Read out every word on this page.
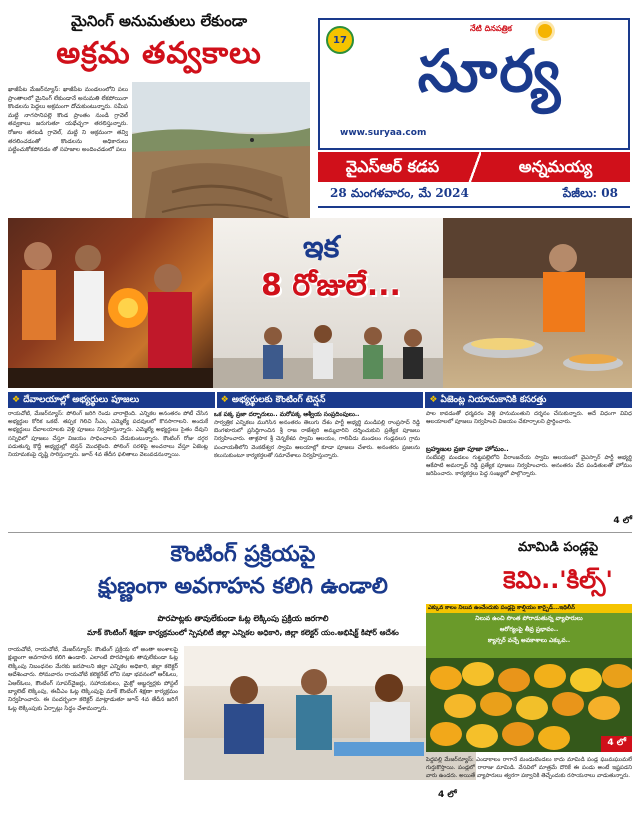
మైనింగ్ అనుమతులు లేకుండా
అక్రమ తవ్వకాలు
ఖాజీపేట మేజర్‌న్యూస్‌: ఖాజీపేట మండలంలోని పలు ప్రాంతాలలో మైనింగ్ లేకుండానే అనుమతి లేకపోయినా కొండలను పెద్దలు అక్రమంగా దోచుకుంటున్నారు. సమీప మట్టి నాగసానిపల్లె కొండ ప్రాంతం నుండి గ్రావెల్ తవ్వకాలు జరుగుతూ యథేచ్ఛగా తరలిస్తున్నారు. రోజుల తరబడి గ్రావెల్, మట్టి ని అక్రమంగా తవ్వి తరలించడంతో కొండలను అధికారులు పట్టించుకోకపోవడం తో సహజాల అందించడంలో పలు
17
నేటి దినపత్రిక
సూర్య
www.suryaa.com
వైఎస్ఆర్ కడప	అన్నమయ్య
28 మంగళవారం, మే 2024	పేజీలు: 08
ఇక
8 రోజులే...
❖ దేవాలయాల్లో అభ్యర్థులు పూజలు	❖ అభ్యర్థులకు కౌంటింగ్ టెన్షన్	❖ ఏజెంట్ల నియామకానికి కసరత్తు
రాయచోటి, మేజర్‌న్యూస్‌: పోలింగ్ జరిగి రెండు వారాలైంది. ఎన్నికల అనంతరం పోటీ చేసిన అభ్యర్థుల కోరిక ఒకటే. తప్పక గెలిచి సీఎం, ఎమ్మెల్యే పదవులలో కొనసాగాలని. అందుకే అభ్యర్థులు దేవాలయాలకు వెళ్లి పూజలు నిర్వహిస్తున్నారు. ఎమ్మెల్యే అభ్యర్థులు సైతం దేవుని సన్నిధిలో పూజలు చేస్తూ విజయం సాధించాలని వేడుకుంటున్నారు. కౌంటింగ్ రోజు దగ్గర పడుతున్న కొద్దీ అభ్యర్థుల్లో టెన్షన్ మొదలైంది. పోలింగ్ సరళిపై అంచనాలు వేస్తూ ఏజెంట్ల నియామకంపై దృష్టి సారిస్తున్నారు. జూన్ 4వ తేదీన ఫలితాలు వెలువడనున్నాయి.
ఒక పక్క ప్రజా దర్బారులు.. మరోపక్క ఆశ్వీయ సంప్రదింపులు..
సార్వత్రిక ఎన్నికలు ముగిసిన అనంతరం తెలుగు దేశం పార్టీ అభ్యర్థి మండిపల్లి రాంప్రసాద్ రెడ్డి బెంగళూరులో ప్రసిద్ధిగాంచిన శ్రీ రాజ రాజేశ్వరి అమ్మవారిని దర్శించుకుని ప్రత్యేక పూజలు నిర్వహించారు. తాళ్లపాక శ్రీ చెన్నకేశవ స్వామి ఆలయం, గాలివీడు మండలం గండ్లవలస గ్రామ పంచాయతీలోని వెంకటేశ్వర స్వామి ఆలయాల్లో కూడా పూజలు చేశారు. అనంతరం ప్రజలను కలుసుకుంటూ కార్యకర్తలతో సమావేశాలు నిర్వహిస్తున్నారు.
పాల కావడంతో ధర్మవరం వెళ్లి హనుమంతుని దర్శనం చేసుకున్నారు. అదే విధంగా వివిధ ఆలయాలలో పూజలు నిర్వహించి విజయం చేకూర్చాలని ప్రార్థించారు.
బ్రహ్మణుల వ్రజా పూజా హోమం..
సంబేపల్లె మండలం గుట్టపల్లెలోని వీరాంజనేయ స్వామి ఆలయంలో వైఎస్సార్ పార్టీ అభ్యర్థి ఆకేపాటి అమర్నాథ్ రెడ్డి ప్రత్యేక పూజలు నిర్వహించారు. అనంతరం వేద పండితులతో హోమం జరిపించారు. కార్యకర్తలు పెద్ద సంఖ్యలో పాల్గొన్నారు.
4 లో
కౌంటింగ్ ప్రక్రియపై
క్షుణ్ణంగా అవగాహన కలిగి ఉండాలి
పొరపాట్లకు తావులేకుండా ఓట్ల లెక్కింపు ప్రక్రియ జరగాలి
మాక్ కౌంటింగ్ శిక్షణా కార్యక్రమంలో స్పెషలిటీ జిల్లా ఎన్నికల అధికారి, జిల్లా కలెక్టర్ యం.అభిషిక్ట్ కిషోర్ ఆదేశం
రాయచోటి, రాయచోటి, మేజర్‌న్యూస్‌: కౌంటింగ్ ప్రక్రియ లో అంతా అంశాలపై క్షుణ్ణంగా అవగాహన కలిగి ఉండాలి. ఎలాంటి పొరపాట్లకు తావులేకుండా ఓట్ల లెక్కింపు నిబంధనల మేరకు జరపాలని జిల్లా ఎన్నికల అధికారి, జిల్లా కలెక్టర్ ఆదేశించారు. సోమవారం రాయచోటి కలెక్టరేట్ లోని సభా భవనంలో ఆర్‌ఓలు, ఏఆర్‌ఓలు, కౌంటింగ్ సూపర్‌వైజర్లు, సహాయకులు, మైక్రో అబ్జర్వర్లకు పోస్టల్ బ్యాలెట్ లెక్కింపు, ఈవీఎం ఓట్ల లెక్కింపుపై మాక్ కౌంటింగ్ శిక్షణా కార్యక్రమం నిర్వహించారు. ఈ సందర్భంగా కలెక్టర్ మాట్లాడుతూ జూన్ 4వ తేదీన జరిగే ఓట్ల లెక్కింపుకు ఏర్పాట్లు సిద్ధం చేశామన్నారు.
4 లో
మామిడి పండ్లపై
కెమి..'కిల్స్'
ఎక్కువ కాలం నిలువ ఉంచేందుకు పండ్లపై కాల్షియం కార్బైడ్...ఇథిలీన్
నిలువ ఉంచి సొంత పోరాడుతున్న వ్యాపారులు
ఆరోగ్యంపై తీవ్ర ప్రభావం..
క్యాన్సర్ వచ్చే అవకాశాలు ఎక్కువ..
4 లో
పెద్దపల్లి మేజర్‌న్యూస్‌: ఎండాకాలం రాగానే మండుటెండలు కాదు మామిడి పండ్ల ఘుమఘుమలే గుర్తుకొస్తాయి. పండ్లలో రారాజు మామిడి. వేసవిలో మాత్రమే దొరికే ఈ పండు అంటే ఇష్టపడని వారు ఉండరు. అయితే వ్యాపారులు త్వరగా పక్వానికి తెచ్చేందుకు రసాయనాలు వాడుతున్నారు.
